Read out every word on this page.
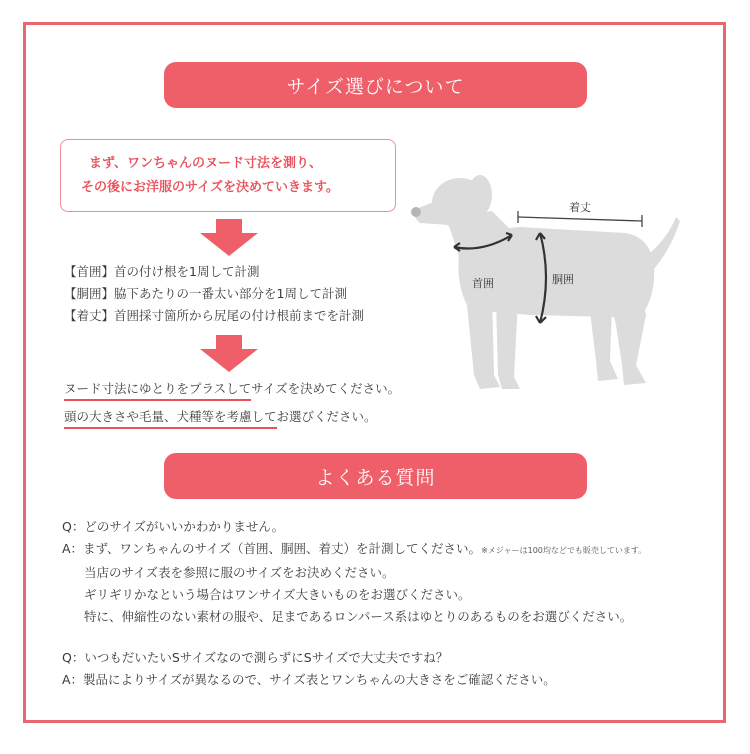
サイズ選びについて
まず、ワンちゃんのヌード寸法を測り、
その後にお洋服のサイズを決めていきます。
【首囲】首の付け根を1周して計測
【胴囲】脇下あたりの一番太い部分を1周して計測
【着丈】首囲採寸箇所から尻尾の付け根前までを計測
ヌード寸法にゆとりをプラスしてサイズを決めてください。
頭の大きさや毛量、犬種等を考慮してお選びください。
着丈
首囲	胴囲
よくある質問
Q：どのサイズがいいかわかりません。
A：まず、ワンちゃんのサイズ（首囲、胴囲、着丈）を計測してください。※メジャーは100均などでも販売しています。
当店のサイズ表を参照に服のサイズをお決めください。
ギリギリかなという場合はワンサイズ大きいものをお選びください。
特に、伸縮性のない素材の服や、足まであるロンパース系はゆとりのあるものをお選びください。
Q：いつもだいたいSサイズなので測らずにSサイズで大丈夫ですね？
A：製品によりサイズが異なるので、サイズ表とワンちゃんの大きさをご確認ください。
